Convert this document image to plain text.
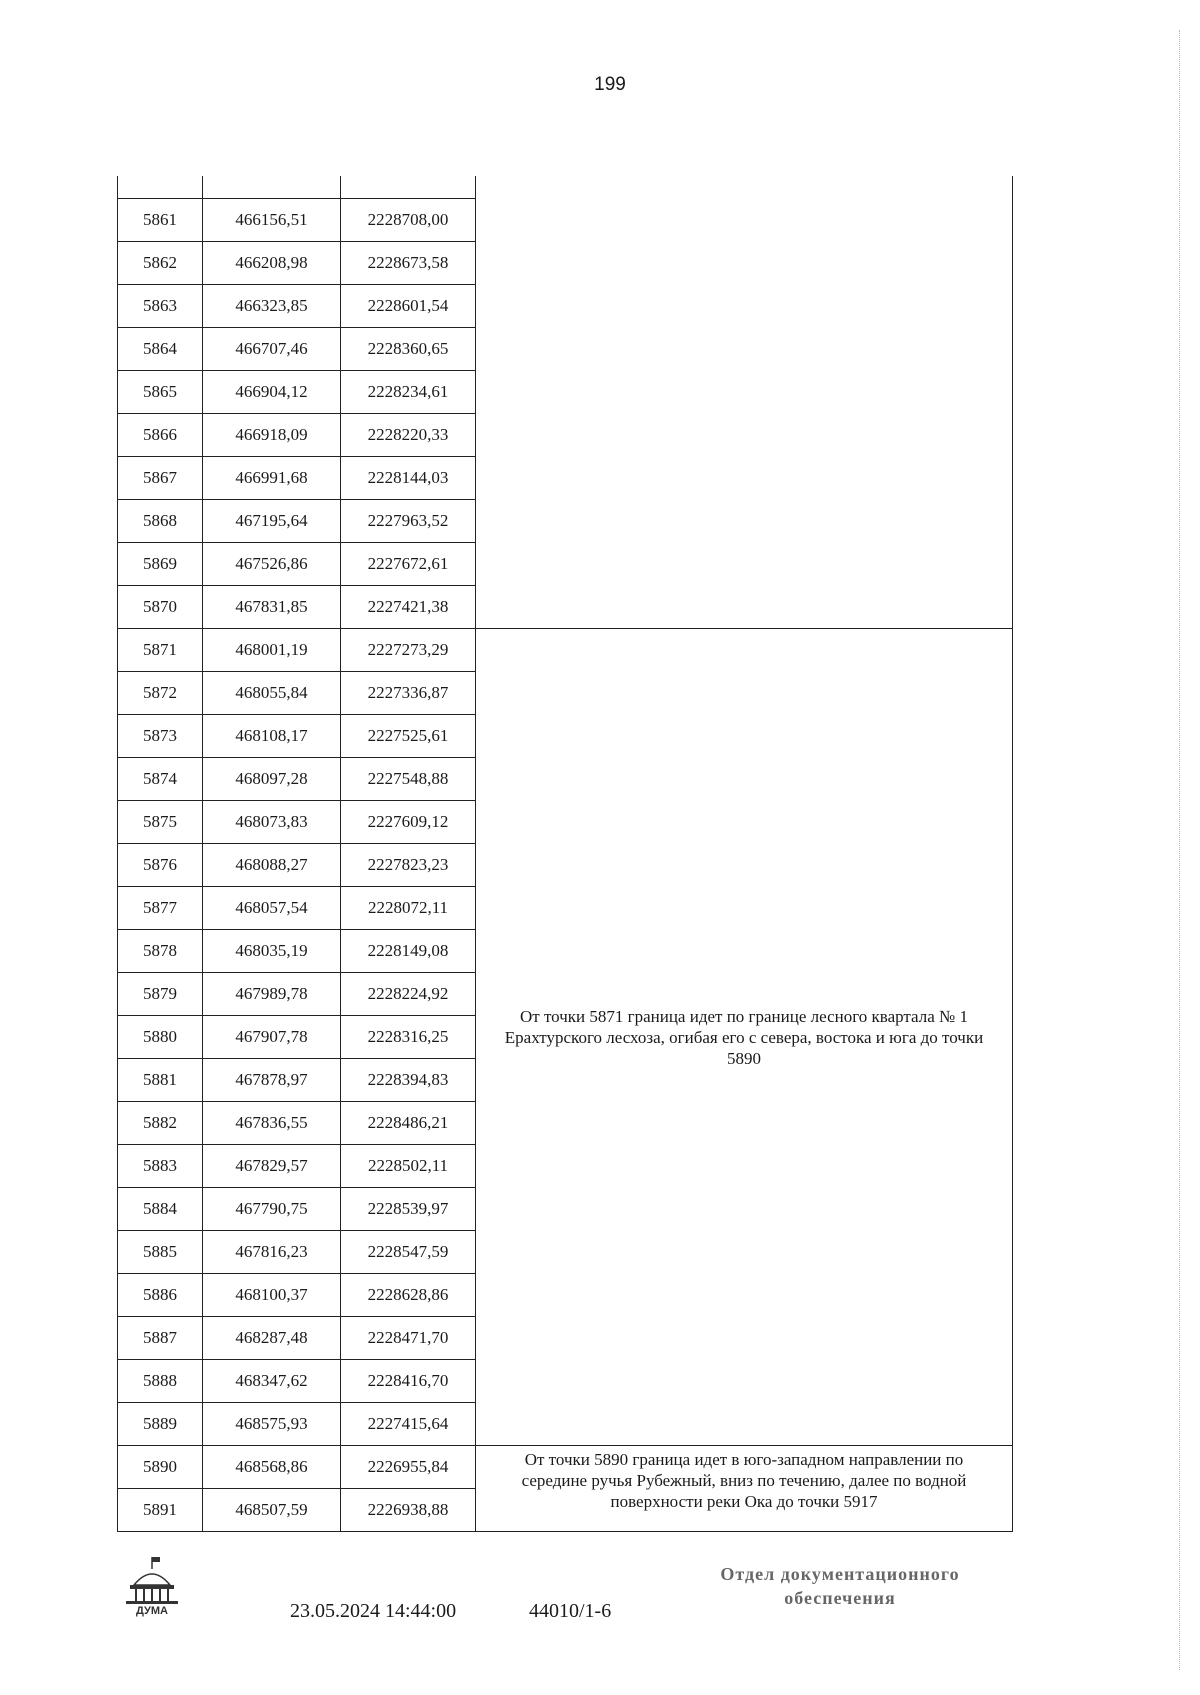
199

5861	466156,51	2228708,00	
5862	466208,98	2228673,58	
5863	466323,85	2228601,54	
5864	466707,46	2228360,65	
5865	466904,12	2228234,61	
5866	466918,09	2228220,33	
5867	466991,68	2228144,03	
5868	467195,64	2227963,52	
5869	467526,86	2227672,61	
5870	467831,85	2227421,38	
5871	468001,19	2227273,29	От точки 5871 граница идет по границе лесного квартала № 1 Ерахтурского лесхоза, огибая его с севера, востока и юга до точки 5890
5872	468055,84	2227336,87	
5873	468108,17	2227525,61	
5874	468097,28	2227548,88	
5875	468073,83	2227609,12	
5876	468088,27	2227823,23	
5877	468057,54	2228072,11	
5878	468035,19	2228149,08	
5879	467989,78	2228224,92	
5880	467907,78	2228316,25	
5881	467878,97	2228394,83	
5882	467836,55	2228486,21	
5883	467829,57	2228502,11	
5884	467790,75	2228539,97	
5885	467816,23	2228547,59	
5886	468100,37	2228628,86	
5887	468287,48	2228471,70	
5888	468347,62	2228416,70	
5889	468575,93	2227415,64	
5890	468568,86	2226955,84	От точки 5890 граница идет в юго-западном направлении по середине ручья Рубежный, вниз по течению, далее по водной поверхности реки Ока до точки 5917
5891	468507,59	2226938,88	
ДУМА	23.05.2024 14:44:00	44010/1-6
Отдел документационного
обеспечения
